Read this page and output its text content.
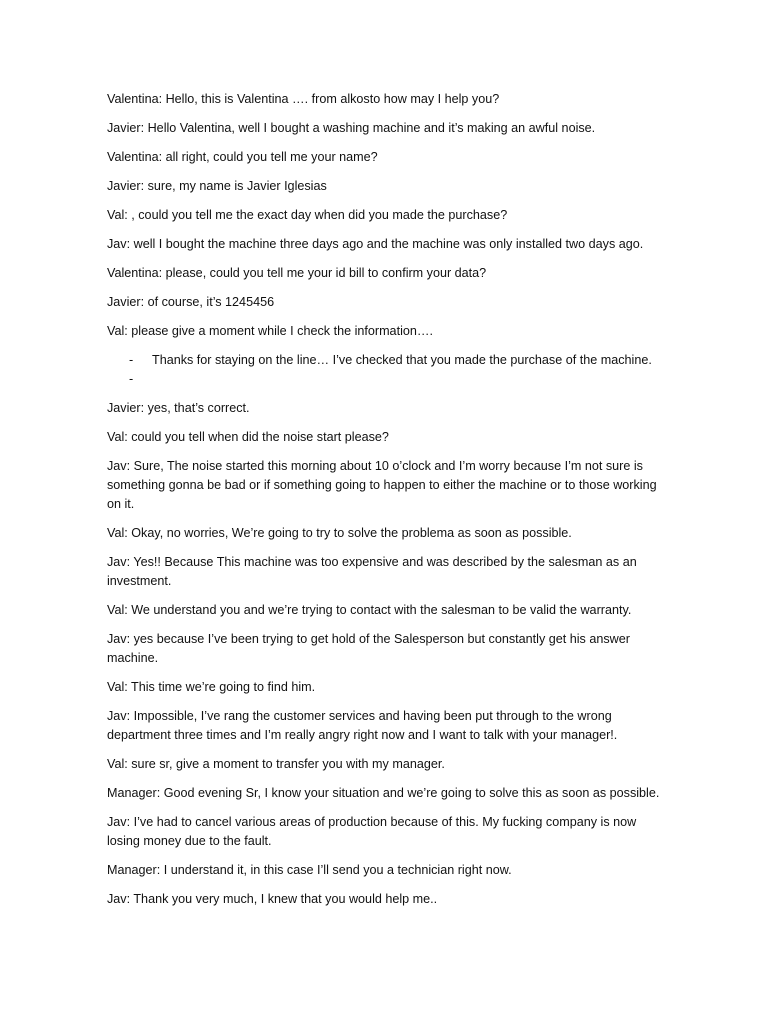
Valentina: Hello, this is Valentina …. from alkosto how may I help you?

Javier: Hello Valentina, well I bought a washing machine and it’s making an awful noise.

Valentina: all right, could you tell me your name?

Javier: sure, my name is Javier Iglesias

Val: , could you tell me the exact day when did you made the purchase?

Jav: well I bought the machine three days ago and the machine was only installed two days ago.

Valentina: please, could you tell me your id bill to confirm your data?

Javier: of course, it’s 1245456

Val: please give a moment while I check the information….

- Thanks for staying on the line… I’ve checked that you made the purchase of the machine.
-

Javier: yes, that’s correct.

Val: could you tell when did the noise start please?

Jav: Sure, The noise started this morning about 10 o’clock and I’m worry because I’m not sure is something gonna be bad or if something going to happen to either the machine or to those working on it.

Val: Okay, no worries, We’re going to try to solve the problema as soon as possible.

Jav: Yes!! Because This machine was too expensive and was described by the salesman as an investment.

Val: We understand you and we’re trying to contact with the salesman to be valid the warranty.

Jav: yes because I’ve been trying to get hold of the Salesperson but constantly get his answer machine.

Val: This time we’re going to find him.

Jav: Impossible, I’ve rang the customer services and having been put through to the wrong department three times and I’m really angry right now and I want to talk with your manager!.

Val: sure sr, give a moment to transfer you with my manager.

Manager: Good evening Sr, I know your situation and we’re going to solve this as soon as possible.

Jav: I’ve had to cancel various areas of production because of this. My fucking company is now losing money due to the fault.

Manager: I understand it, in this case I’ll send you a technician right now.

Jav: Thank you very much, I knew that you would help me..
